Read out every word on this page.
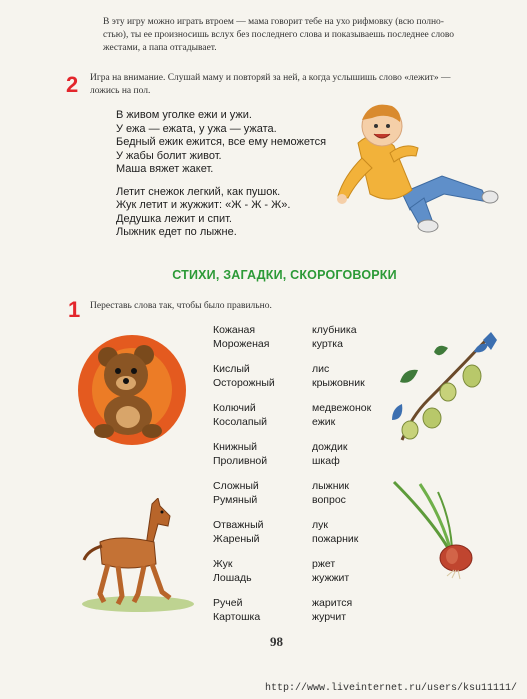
В эту игру можно играть втроем — мама говорит тебе на ухо рифмовку (всю полно-
стью), ты ее произносишь вслух без последнего слова и показываешь последнее слово
жестами, а папа отгадывает.
2 Игра на внимание. Слушай маму и повторяй за ней, а когда услышишь слово «лежит» —
ложись на пол.
В живом уголке ежи и ужи.
У ежа — ежата, у ужа — ужата.
Бедный ежик ежится, все ему неможется
У жабы болит живот.
Маша вяжет жакет.
Летит снежок легкий, как пушок.
Жук летит и жужжит: «Ж - Ж - Ж».
Дедушка лежит и спит.
Лыжник едет по лыжне.
СТИХИ, ЗАГАДКИ, СКОРОГОВОРКИ
1 Переставь слова так, чтобы было правильно.
Кожаная
Мороженая
Кислый
Осторожный
Колючий
Косолапый
Книжный
Проливной
Сложный
Румяный
Отважный
Жареный
Жук
Лошадь
Ручей
Картошка
клубника
куртка
лис
крыжовник
медвежонок
ежик
дождик
шкаф
лыжник
вопрос
лук
пожарник
ржет
жужжит
жарится
журчит
98
http://www.liveinternet.ru/users/ksu11111/
